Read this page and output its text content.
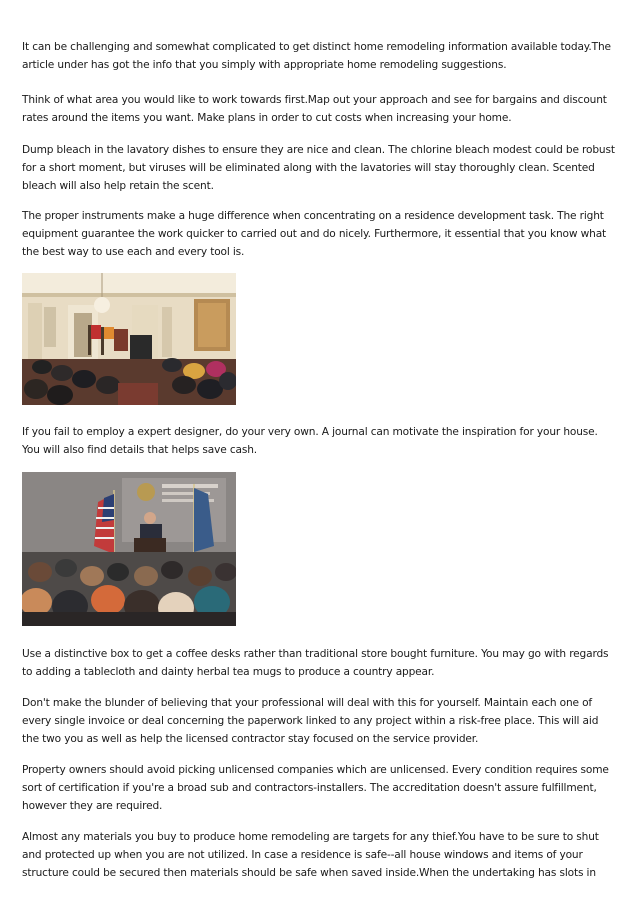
It can be challenging and somewhat complicated to get distinct home remodeling information available today.The article under has got the info that you simply with appropriate home remodeling suggestions.

Think of what area you would like to work towards first.Map out your approach and see for bargains and discount rates around the items you want. Make plans in order to cut costs when increasing your home.

Dump bleach in the lavatory dishes to ensure they are nice and clean. The chlorine bleach modest could be robust for a short moment, but viruses will be eliminated along with the lavatories will stay thoroughly clean. Scented bleach will also help retain the scent.

The proper instruments make a huge difference when concentrating on a residence development task. The right equipment guarantee the work quicker to carried out and do nicely. Furthermore, it essential that you know what the best way to use each and every tool is.

If you fail to employ a expert designer, do your very own. A journal can motivate the inspiration for your house. You will also find details that helps save cash.

Use a distinctive box to get a coffee desks rather than traditional store bought furniture. You may go with regards to adding a tablecloth and dainty herbal tea mugs to produce a country appear.

Don't make the blunder of believing that your professional will deal with this for yourself. Maintain each one of every single invoice or deal concerning the paperwork linked to any project within a risk-free place. This will aid the two you as well as help the licensed contractor stay focused on the service provider.

Property owners should avoid picking unlicensed companies which are unlicensed. Every condition requires some sort of certification if you're a broad sub and contractors-installers. The accreditation doesn't assure fulfillment, however they are required.

Almost any materials you buy to produce home remodeling are targets for any thief.You have to be sure to shut and protected up when you are not utilized. In case a residence is safe--all house windows and items of your structure could be secured then materials should be safe when saved inside.When the undertaking has slots in
